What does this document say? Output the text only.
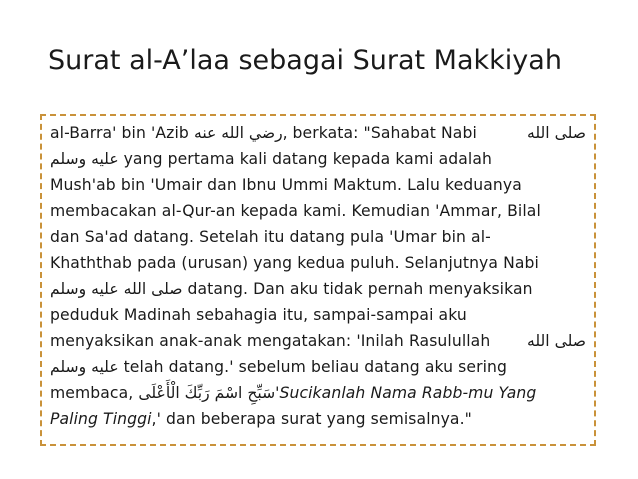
Surat al-A’laa sebagai Surat Makkiyah
al-Barra' bin 'Azib رضي الله عنه, berkata: "Sahabat Nabi	صلى الله
عليه وسلم yang pertama kali datang kepada kami adalah
Mush'ab bin 'Umair dan Ibnu Ummi Maktum. Lalu keduanya
membacakan al-Qur-an kepada kami. Kemudian 'Ammar, Bilal
dan Sa'ad datang. Setelah itu datang pula 'Umar bin al-
Khaththab pada (urusan) yang kedua puluh. Selanjutnya Nabi
صلى الله عليه وسلم datang. Dan aku tidak pernah menyaksikan
peduduk Madinah sebahagia itu, sampai-sampai aku
menyaksikan anak-anak mengatakan: 'Inilah Rasulullah صلى الله
عليه وسلم telah datang.' sebelum beliau datang aku sering
membaca, سَبِّحِ اسْمَ رَبِّكَ الْأَعْلَى'Sucikanlah Nama Rabb-mu Yang
Paling Tinggi,' dan beberapa surat yang semisalnya."
